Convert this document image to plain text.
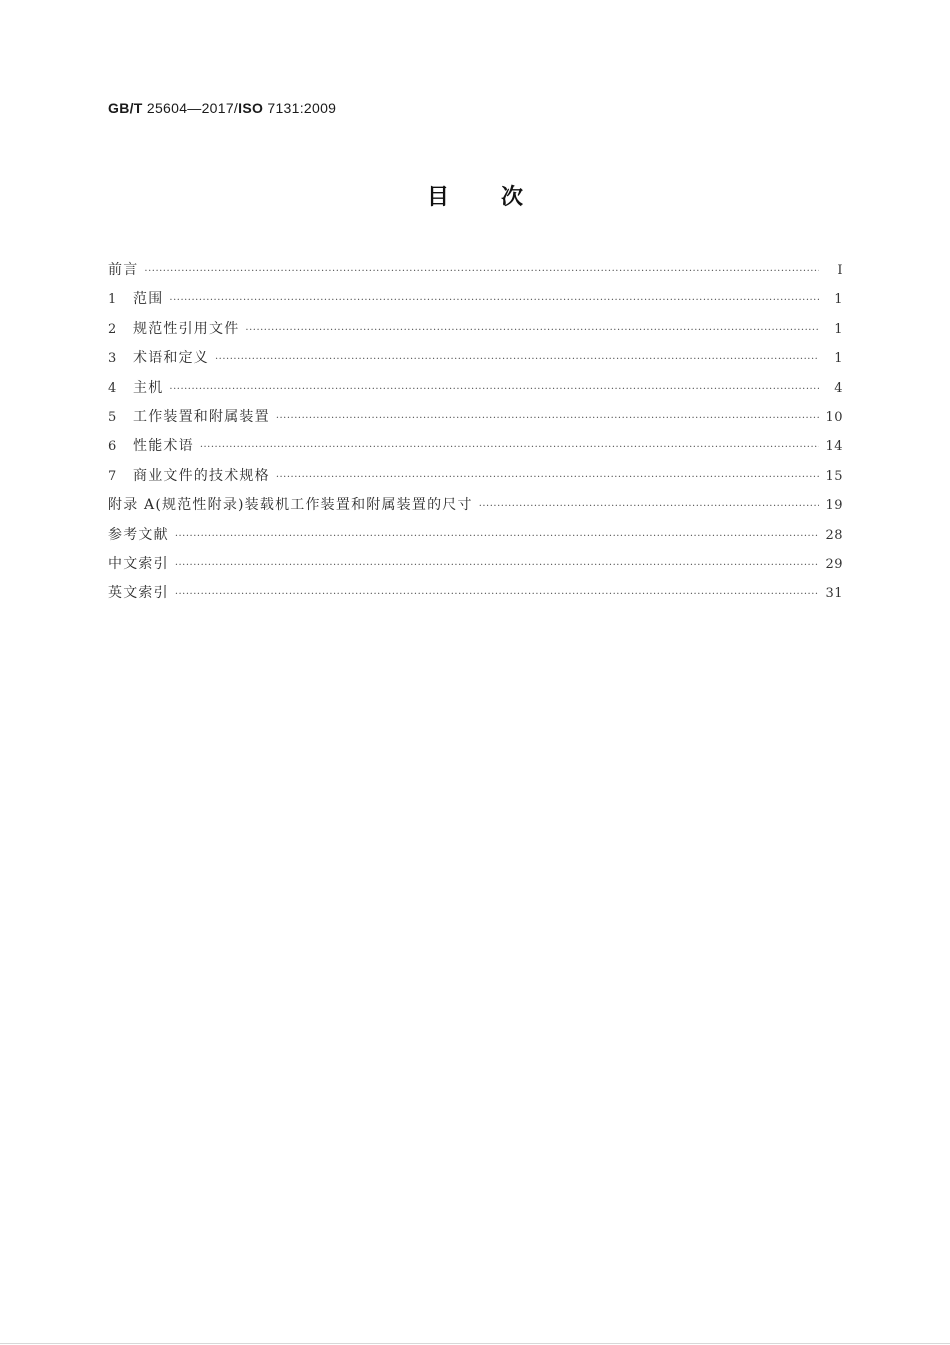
GB/T 25604—2017/ISO 7131:2009
目 次
前言 ·····	Ⅰ
1	范围 ·····	1
2	规范性引用文件 ·····	1
3	术语和定义 ·····	1
4	主机 ·····	4
5	工作装置和附属装置 ·····	10
6	性能术语 ·····	14
7	商业文件的技术规格 ·····	15
附录 A(规范性附录)装载机工作装置和附属装置的尺寸 ·····	19
参考文献 ·····	28
中文索引 ·····	29
英文索引 ·····	31
